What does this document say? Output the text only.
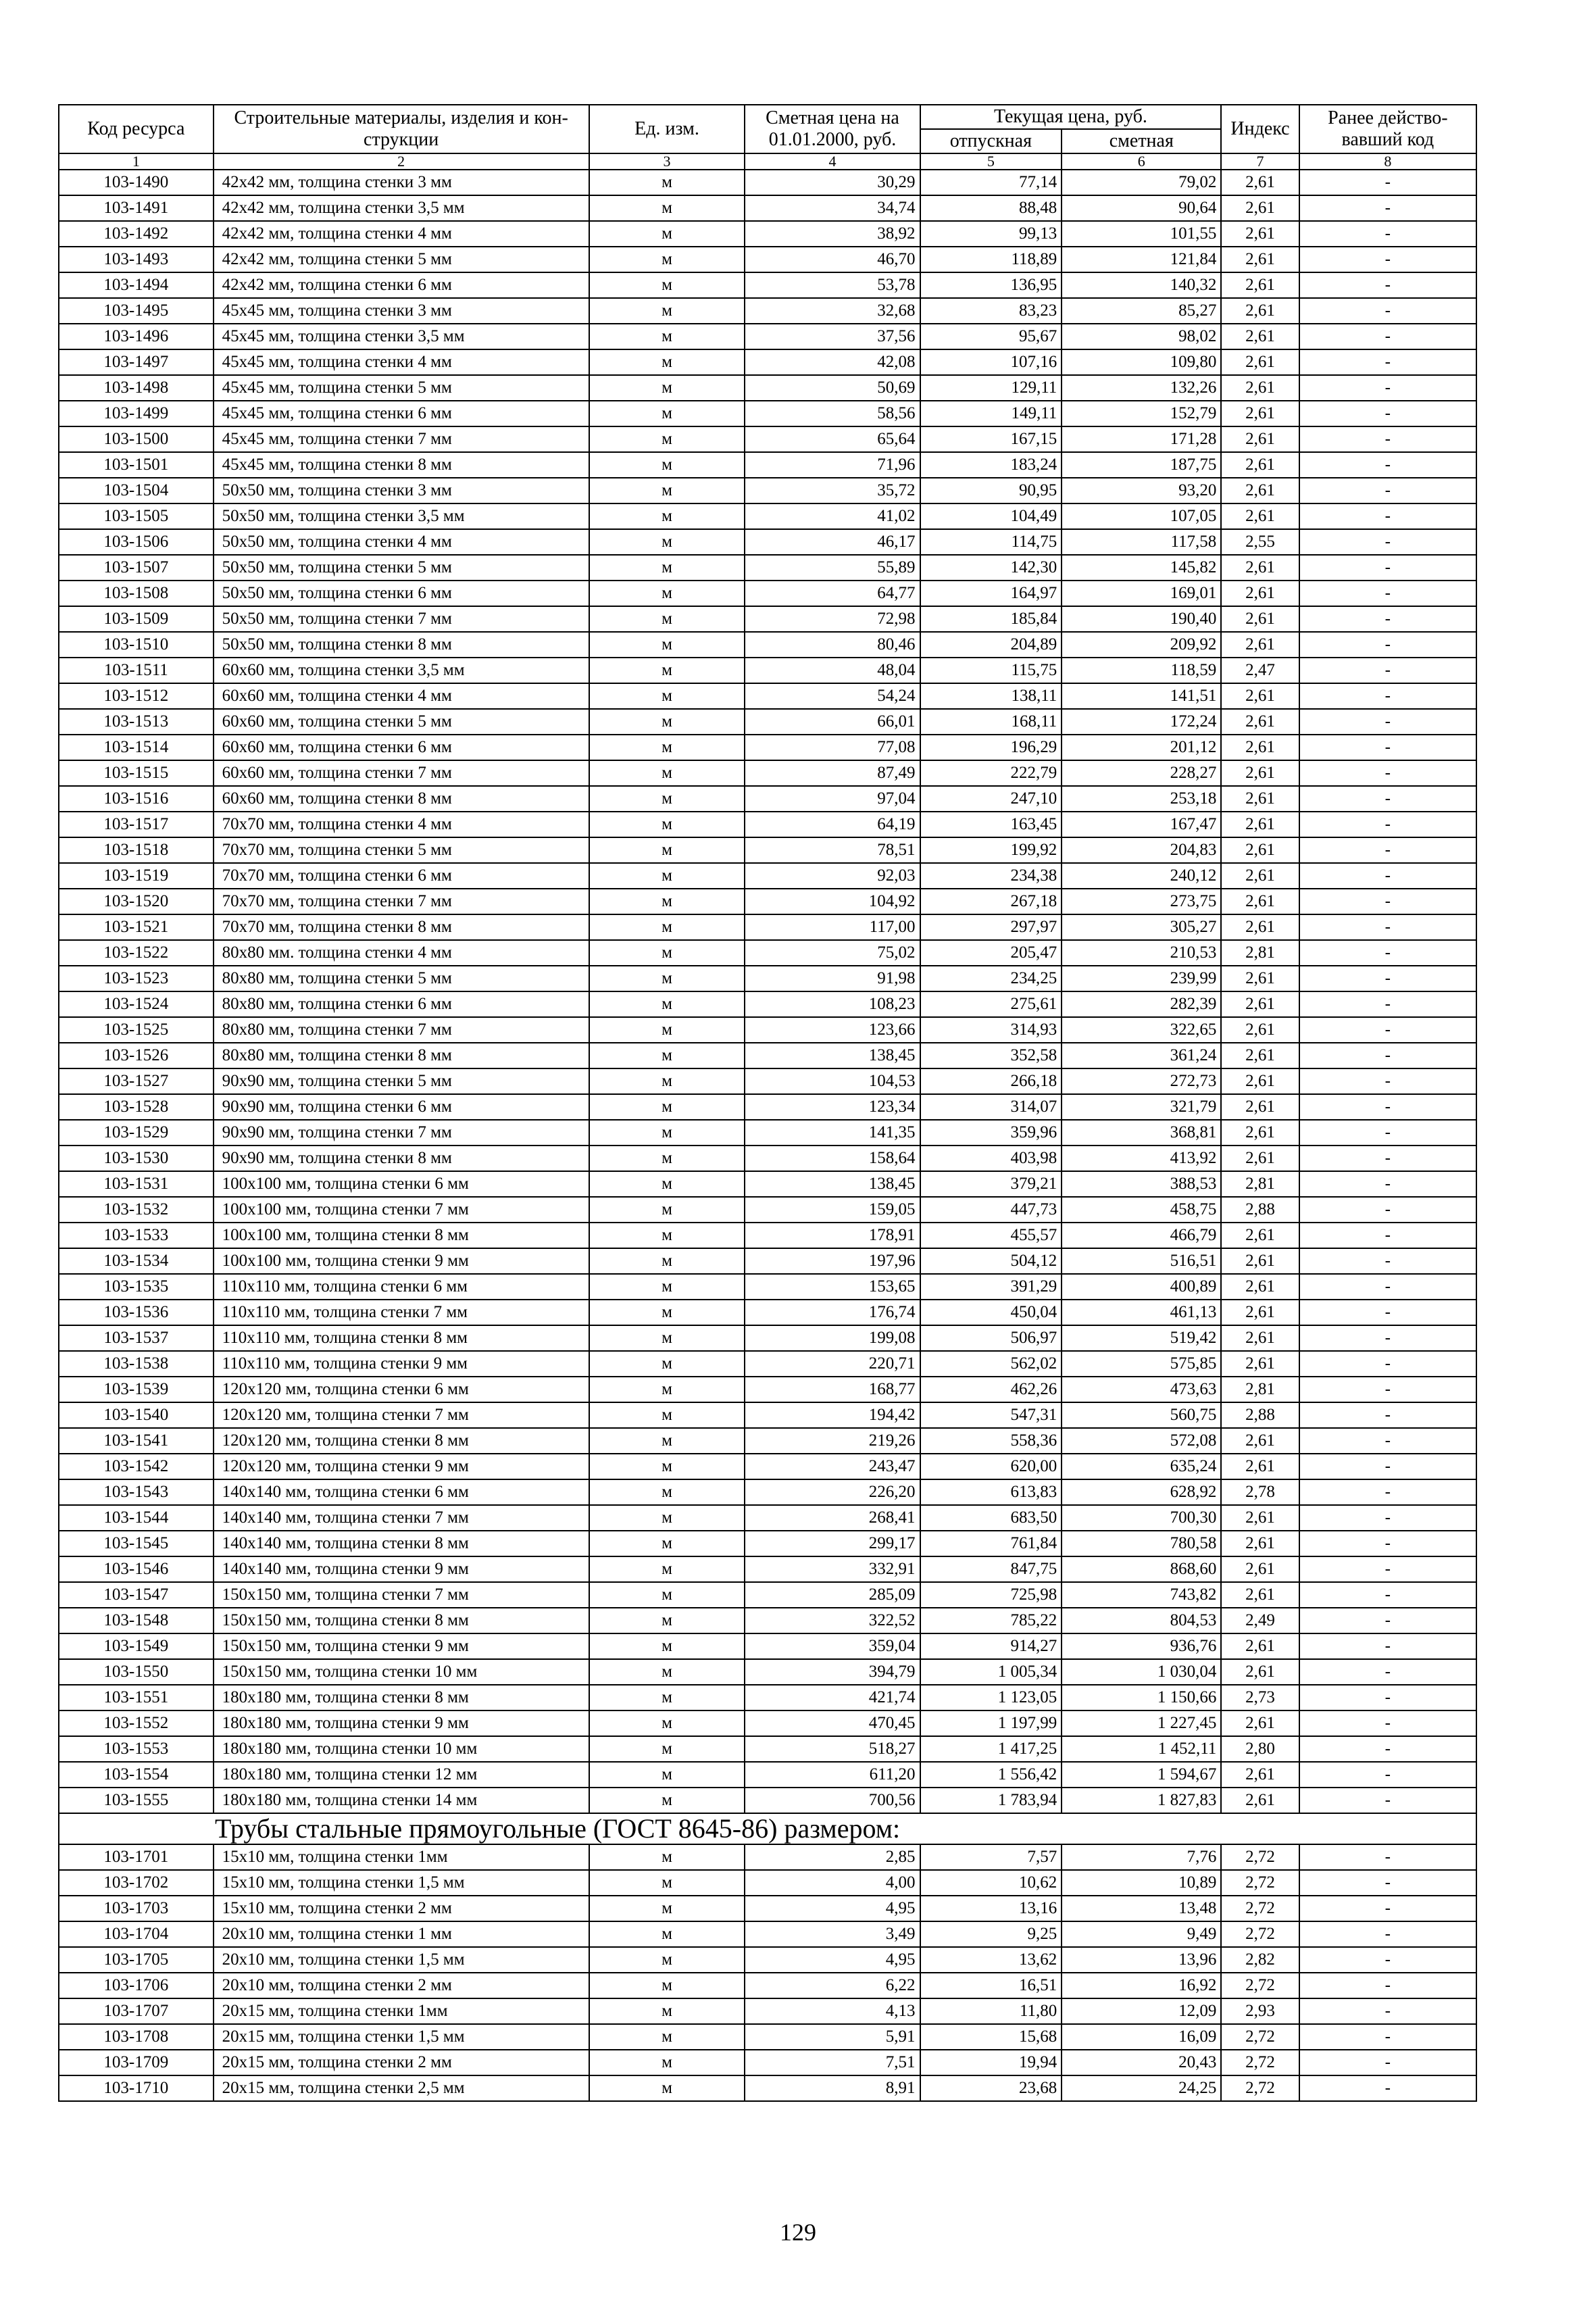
Код ресурса	Строительные материалы, изделия и кон- струкции	Ед. изм.	Сметная цена на 01.01.2000, руб.	Текущая цена, руб.		Индекс	Ранее действо- вавший код
				отпускная	сметная		
1	2	3	4	5	6	7	8
103-1490	42x42 мм, толщина стенки 3 мм	м	30,29	77,14	79,02	2,61	-
103-1491	42x42 мм, толщина стенки 3,5 мм	м	34,74	88,48	90,64	2,61	-
103-1492	42x42 мм, толщина стенки 4 мм	м	38,92	99,13	101,55	2,61	-
103-1493	42x42 мм, толщина стенки 5 мм	м	46,70	118,89	121,84	2,61	-
103-1494	42x42 мм, толщина стенки 6 мм	м	53,78	136,95	140,32	2,61	-
103-1495	45x45 мм, толщина стенки 3 мм	м	32,68	83,23	85,27	2,61	-
103-1496	45x45 мм, толщина стенки 3,5 мм	м	37,56	95,67	98,02	2,61	-
103-1497	45x45 мм, толщина стенки 4 мм	м	42,08	107,16	109,80	2,61	-
103-1498	45x45 мм, толщина стенки 5 мм	м	50,69	129,11	132,26	2,61	-
103-1499	45x45 мм, толщина стенки 6 мм	м	58,56	149,11	152,79	2,61	-
103-1500	45x45 мм, толщина стенки 7 мм	м	65,64	167,15	171,28	2,61	-
103-1501	45x45 мм, толщина стенки 8 мм	м	71,96	183,24	187,75	2,61	-
103-1504	50x50 мм, толщина стенки 3 мм	м	35,72	90,95	93,20	2,61	-
103-1505	50x50 мм, толщина стенки 3,5 мм	м	41,02	104,49	107,05	2,61	-
103-1506	50x50 мм, толщина стенки 4 мм	м	46,17	114,75	117,58	2,55	-
103-1507	50x50 мм, толщина стенки 5 мм	м	55,89	142,30	145,82	2,61	-
103-1508	50x50 мм, толщина стенки 6 мм	м	64,77	164,97	169,01	2,61	-
103-1509	50x50 мм, толщина стенки 7 мм	м	72,98	185,84	190,40	2,61	-
103-1510	50x50 мм, толщина стенки 8 мм	м	80,46	204,89	209,92	2,61	-
103-1511	60x60 мм, толщина стенки 3,5 мм	м	48,04	115,75	118,59	2,47	-
103-1512	60x60 мм, толщина стенки 4 мм	м	54,24	138,11	141,51	2,61	-
103-1513	60x60 мм, толщина стенки 5 мм	м	66,01	168,11	172,24	2,61	-
103-1514	60x60 мм, толщина стенки 6 мм	м	77,08	196,29	201,12	2,61	-
103-1515	60x60 мм, толщина стенки 7 мм	м	87,49	222,79	228,27	2,61	-
103-1516	60x60 мм, толщина стенки 8 мм	м	97,04	247,10	253,18	2,61	-
103-1517	70x70 мм, толщина стенки 4 мм	м	64,19	163,45	167,47	2,61	-
103-1518	70x70 мм, толщина стенки 5 мм	м	78,51	199,92	204,83	2,61	-
103-1519	70x70 мм, толщина стенки 6 мм	м	92,03	234,38	240,12	2,61	-
103-1520	70x70 мм, толщина стенки 7 мм	м	104,92	267,18	273,75	2,61	-
103-1521	70x70 мм, толщина стенки 8 мм	м	117,00	297,97	305,27	2,61	-
103-1522	80x80 мм. толщина стенки 4 мм	м	75,02	205,47	210,53	2,81	-
103-1523	80x80 мм, толщина стенки 5 мм	м	91,98	234,25	239,99	2,61	-
103-1524	80x80 мм, толщина стенки 6 мм	м	108,23	275,61	282,39	2,61	-
103-1525	80x80 мм, толщина стенки 7 мм	м	123,66	314,93	322,65	2,61	-
103-1526	80x80 мм, толщина стенки 8 мм	м	138,45	352,58	361,24	2,61	-
103-1527	90x90 мм, толщина стенки 5 мм	м	104,53	266,18	272,73	2,61	-
103-1528	90x90 мм, толщина стенки 6 мм	м	123,34	314,07	321,79	2,61	-
103-1529	90x90 мм, толщина стенки 7 мм	м	141,35	359,96	368,81	2,61	-
103-1530	90x90 мм, толщина стенки 8 мм	м	158,64	403,98	413,92	2,61	-
103-1531	100x100 мм, толщина стенки 6 мм	м	138,45	379,21	388,53	2,81	-
103-1532	100x100 мм, толщина стенки 7 мм	м	159,05	447,73	458,75	2,88	-
103-1533	100x100 мм, толщина стенки 8 мм	м	178,91	455,57	466,79	2,61	-
103-1534	100x100 мм, толщина стенки 9 мм	м	197,96	504,12	516,51	2,61	-
103-1535	110x110 мм, толщина стенки 6 мм	м	153,65	391,29	400,89	2,61	-
103-1536	110x110 мм, толщина стенки 7 мм	м	176,74	450,04	461,13	2,61	-
103-1537	110x110 мм, толщина стенки 8 мм	м	199,08	506,97	519,42	2,61	-
103-1538	110x110 мм, толщина стенки 9 мм	м	220,71	562,02	575,85	2,61	-
103-1539	120x120 мм, толщина стенки 6 мм	м	168,77	462,26	473,63	2,81	-
103-1540	120x120 мм, толщина стенки 7 мм	м	194,42	547,31	560,75	2,88	-
103-1541	120x120 мм, толщина стенки 8 мм	м	219,26	558,36	572,08	2,61	-
103-1542	120x120 мм, толщина стенки 9 мм	м	243,47	620,00	635,24	2,61	-
103-1543	140x140 мм, толщина стенки 6 мм	м	226,20	613,83	628,92	2,78	-
103-1544	140x140 мм, толщина стенки 7 мм	м	268,41	683,50	700,30	2,61	-
103-1545	140x140 мм, толщина стенки 8 мм	м	299,17	761,84	780,58	2,61	-
103-1546	140x140 мм, толщина стенки 9 мм	м	332,91	847,75	868,60	2,61	-
103-1547	150x150 мм, толщина стенки 7 мм	м	285,09	725,98	743,82	2,61	-
103-1548	150x150 мм, толщина стенки 8 мм	м	322,52	785,22	804,53	2,49	-
103-1549	150x150 мм, толщина стенки 9 мм	м	359,04	914,27	936,76	2,61	-
103-1550	150x150 мм, толщина стенки 10 мм	м	394,79	1 005,34	1 030,04	2,61	-
103-1551	180x180 мм, толщина стенки 8 мм	м	421,74	1 123,05	1 150,66	2,73	-
103-1552	180x180 мм, толщина стенки 9 мм	м	470,45	1 197,99	1 227,45	2,61	-
103-1553	180x180 мм, толщина стенки 10 мм	м	518,27	1 417,25	1 452,11	2,80	-
103-1554	180x180 мм, толщина стенки 12 мм	м	611,20	1 556,42	1 594,67	2,61	-
103-1555	180x180 мм, толщина стенки 14 мм	м	700,56	1 783,94	1 827,83	2,61	-
Трубы стальные прямоугольные (ГОСТ 8645-86) размером:							
103-1701	15x10 мм, толщина стенки 1мм	м	2,85	7,57	7,76	2,72	-
103-1702	15x10 мм, толщина стенки 1,5 мм	м	4,00	10,62	10,89	2,72	-
103-1703	15x10 мм, толщина стенки 2 мм	м	4,95	13,16	13,48	2,72	-
103-1704	20x10 мм, толщина стенки 1 мм	м	3,49	9,25	9,49	2,72	-
103-1705	20x10 мм, толщина стенки 1,5 мм	м	4,95	13,62	13,96	2,82	-
103-1706	20x10 мм, толщина стенки 2 мм	м	6,22	16,51	16,92	2,72	-
103-1707	20x15 мм, толщина стенки 1мм	м	4,13	11,80	12,09	2,93	-
103-1708	20x15 мм, толщина стенки 1,5 мм	м	5,91	15,68	16,09	2,72	-
103-1709	20x15 мм, толщина стенки 2 мм	м	7,51	19,94	20,43	2,72	-
103-1710	20x15 мм, толщина стенки 2,5 мм	м	8,91	23,68	24,25	2,72	-
129
